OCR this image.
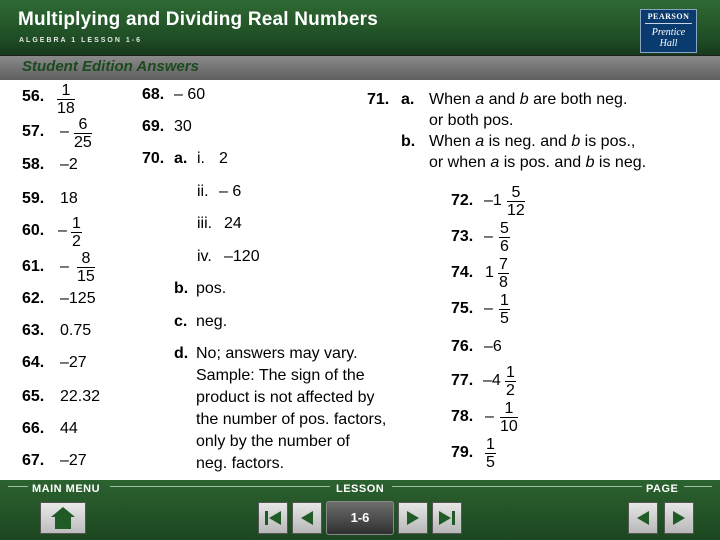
Multiplying and Dividing Real Numbers
ALGEBRA 1 LESSON 1-6
PEARSON
Prentice
Hall
Student Edition Answers
56. $\frac{1}{18}$
57. – $\frac{6}{25}$
58. –2
59. 18
60. – $\frac{1}{2}$
61. – $\frac{8}{15}$
62. –125
63. 0.75
64. –27
65. 22.32
66. 44
67. –27
68. – 60
69. 30
70. a. i. 2
ii. – 6
iii. 24
iv. –120
b. pos.
c. neg.
d. No; answers may vary.
Sample: The sign of the
product is not affected by
the number of pos. factors,
only by the number of
neg. factors.
71. a. When a and b are both neg.
or both pos.
b. When a is neg. and b is pos.,
or when a is pos. and b is neg.
72. $-1 \frac{5}{12}$
73. – $\frac{5}{6}$
74. $1 \frac{7}{8}$
75. – $\frac{1}{5}$
76. –6
77. $-4 \frac{1}{2}$
78. – $\frac{1}{10}$
79. $\frac{1}{5}$
MAIN MENU	LESSON	PAGE
1-6
